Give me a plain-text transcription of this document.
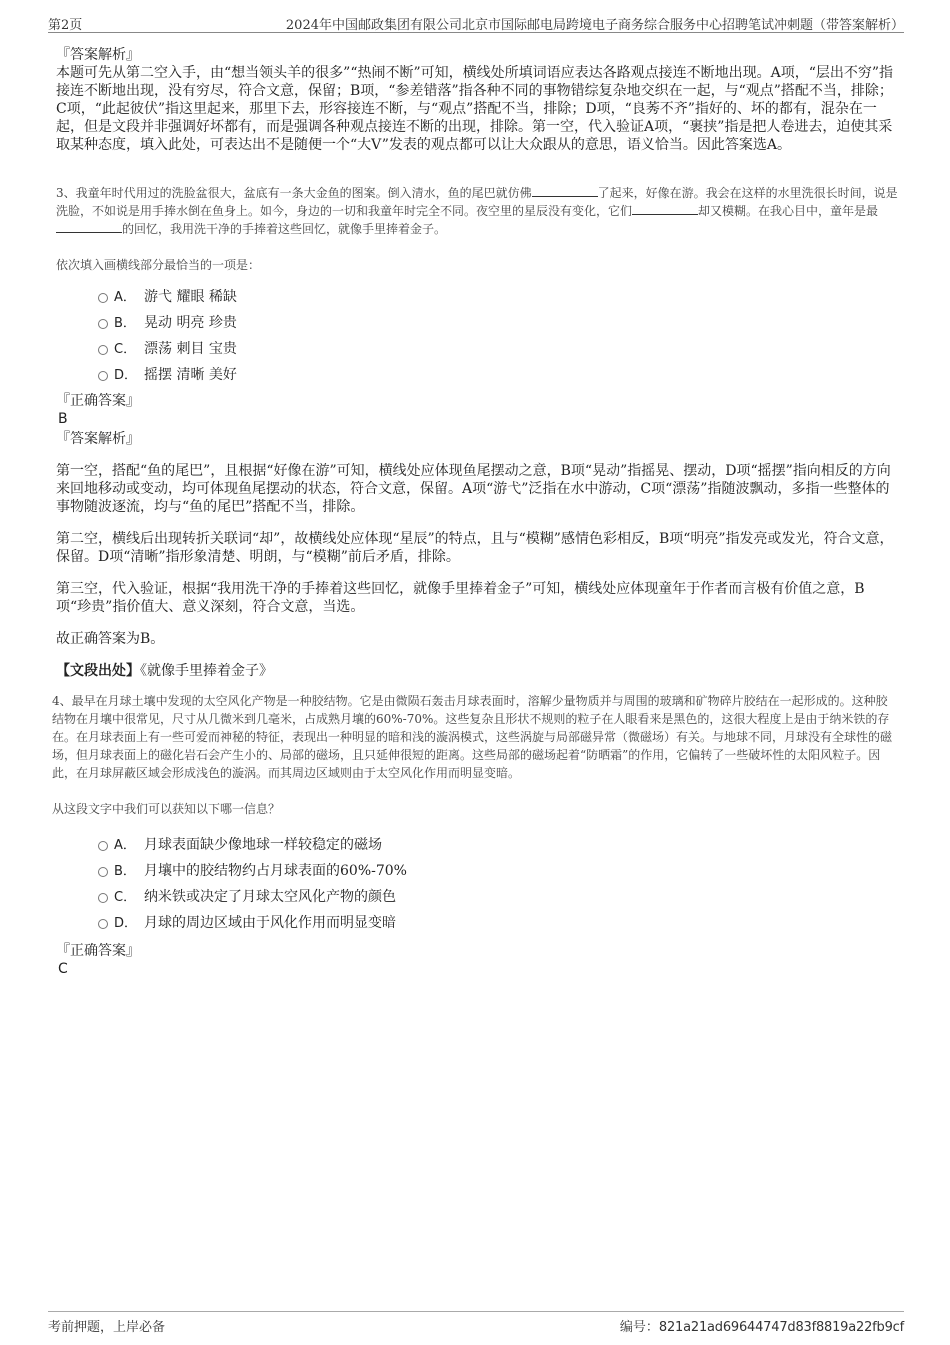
第2页	2024年中国邮政集团有限公司北京市国际邮电局跨境电子商务综合服务中心招聘笔试冲刺题（带答案解析）

『答案解析』

本题可先从第二空入手，由“想当领头羊的很多”“热闹不断”可知，横线处所填词语应表达各路观点接连不断地出现。A项，“层出不穷”指接连不断地出现，没有穷尽，符合文意，保留；B项，“参差错落”指各种不同的事物错综复杂地交织在一起，与“观点”搭配不当，排除；C项，“此起彼伏”指这里起来，那里下去，形容接连不断，与“观点”搭配不当，排除；D项，“良莠不齐”指好的、坏的都有，混杂在一起，但是文段并非强调好坏都有，而是强调各种观点接连不断的出现，排除。第一空，代入验证A项，“裹挟”指是把人卷进去，迫使其采取某种态度，填入此处，可表达出不是随便一个“大V”发表的观点都可以让大众跟从的意思，语义恰当。因此答案选A。

3、我童年时代用过的洗脸盆很大，盆底有一条大金鱼的图案。倒入清水，鱼的尾巴就仿佛	了起来，好像在游。我会在这样的水里洗很长时间，说是洗脸，不如说是用手捧水倒在鱼身上。如今，身边的一切和我童年时完全不同。夜空里的星辰没有变化，它们	却又模糊。在我心目中，童年是最的回忆，我用洗干净的手捧着这些回忆，就像手里捧着金子。

依次填入画横线部分最恰当的一项是：

A． 游弋 耀眼 稀缺
B． 晃动 明亮 珍贵
C． 漂荡 刺目 宝贵
D． 摇摆 清晰 美好

『正确答案』

B

『答案解析』

第一空，搭配“鱼的尾巴”，且根据“好像在游”可知，横线处应体现鱼尾摆动之意，B项“晃动”指摇晃、摆动，D项“摇摆”指向相反的方向来回地移动或变动，均可体现鱼尾摆动的状态，符合文意，保留。A项“游弋”泛指在水中游动，C项“漂荡”指随波飘动，多指一些整体的事物随波逐流，均与“鱼的尾巴”搭配不当，排除。

第二空，横线后出现转折关联词“却”，故横线处应体现“星辰”的特点，且与“模糊”感情色彩相反，B项“明亮”指发亮或发光，符合文意，保留。D项“清晰”指形象清楚、明朗，与“模糊”前后矛盾，排除。

第三空，代入验证，根据“我用洗干净的手捧着这些回忆，就像手里捧着金子”可知，横线处应体现童年于作者而言极有价值之意，B项“珍贵”指价值大、意义深刻，符合文意，当选。

故正确答案为B。

【文段出处】《就像手里捧着金子》

4、最早在月球土壤中发现的太空风化产物是一种胶结物。它是由微陨石轰击月球表面时，溶解少量物质并与周围的玻璃和矿物碎片胶结在一起形成的。这种胶结物在月壤中很常见，尺寸从几微米到几毫米，占成熟月壤的60%-70%。这些复杂且形状不规则的粒子在人眼看来是黑色的，这很大程度上是由于纳米铁的存在。在月球表面上有一些可爱而神秘的特征，表现出一种明显的暗和浅的漩涡模式，这些涡旋与局部磁异常（微磁场）有关。与地球不同，月球没有全球性的磁场，但月球表面上的磁化岩石会产生小的、局部的磁场，且只延伸很短的距离。这些局部的磁场起着“防晒霜”的作用，它偏转了一些破坏性的太阳风粒子。因此，在月球屏蔽区域会形成浅色的漩涡。而其周边区域则由于太空风化作用而明显变暗。

从这段文字中我们可以获知以下哪一信息？

A． 月球表面缺少像地球一样较稳定的磁场
B． 月壤中的胶结物约占月球表面的60%-70%
C． 纳米铁或决定了月球太空风化产物的颜色
D． 月球的周边区域由于风化作用而明显变暗

『正确答案』

C

考前押题，上岸必备	编号：821a21ad69644747d83f8819a22fb9cf
